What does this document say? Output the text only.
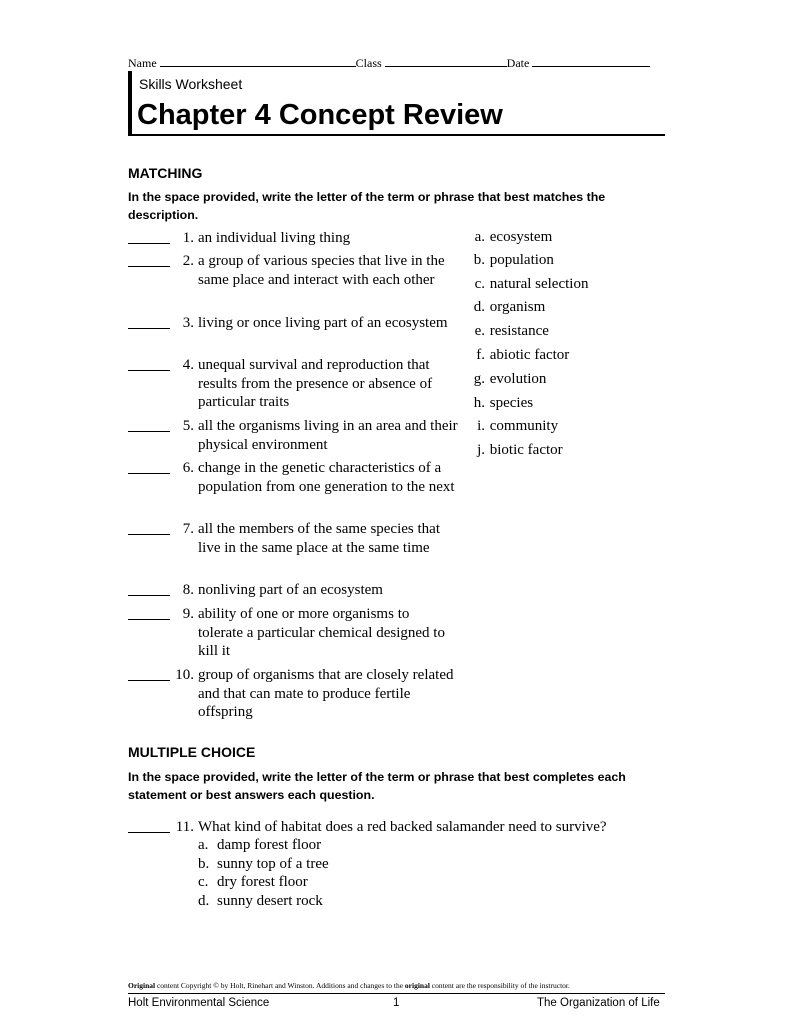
Name	Class	Date
Skills Worksheet
Chapter 4 Concept Review
MATCHING
In the space provided, write the letter of the term or phrase that best matches the description.
1. an individual living thing
2. a group of various species that live in the same place and interact with each other
3. living or once living part of an ecosystem
4. unequal survival and reproduction that results from the presence or absence of particular traits
5. all the organisms living in an area and their physical environment
6. change in the genetic characteristics of a population from one generation to the next
7. all the members of the same species that live in the same place at the same time
8. nonliving part of an ecosystem
9. ability of one or more organisms to tolerate a particular chemical designed to kill it
10. group of organisms that are closely related and that can mate to produce fertile offspring
a.
ecosystem
b.
population
c.
natural selection
d.
organism
e.
resistance
f.
abiotic factor
g.
evolution
h.
species
i.
community
j.
biotic factor
MULTIPLE CHOICE
In the space provided, write the letter of the term or phrase that best completes each statement or best answers each question.
11. What kind of habitat does a red backed salamander need to survive?
a. damp forest floor
b. sunny top of a tree
c. dry forest floor
d. sunny desert rock
Original content Copyright © by Holt, Rinehart and Winston. Additions and changes to the original content are the responsibility of the instructor.
Holt Environmental Science	1	The Organization of Life
